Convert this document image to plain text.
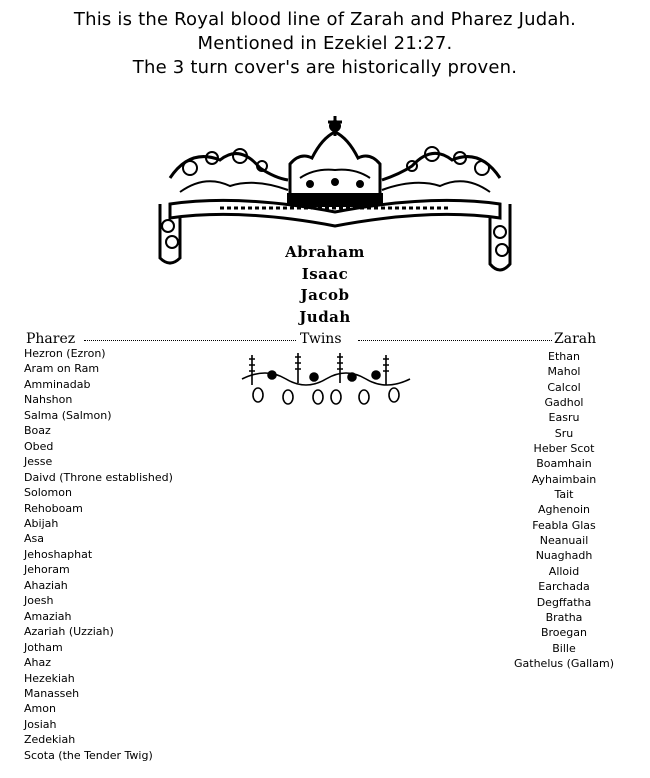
This is the Royal blood line of Zarah and Pharez Judah.
Mentioned in Ezekiel 21:27.
The 3 turn cover's are historically proven.
Abraham
Isaac
Jacob
Judah
Pharez	Twins	Zarah
Hezron (Ezron)
Aram on Ram
Amminadab
Nahshon
Salma (Salmon)
Boaz
Obed
Jesse
Daivd (Throne established)
Solomon
Rehoboam
Abijah
Asa
Jehoshaphat
Jehoram
Ahaziah
Joesh
Amaziah
Azariah (Uzziah)
Jotham
Ahaz
Hezekiah
Manasseh
Amon
Josiah
Zedekiah
Scota (the Tender Twig)
Ethan
Mahol
Calcol
Gadhol
Easru
Sru
Heber Scot
Boamhain
Ayhaimbain
Tait
Aghenoin
Feabla Glas
Neanuail
Nuaghadh
Alloid
Earchada
Degffatha
Bratha
Broegan
Bille
Gathelus (Gallam)
